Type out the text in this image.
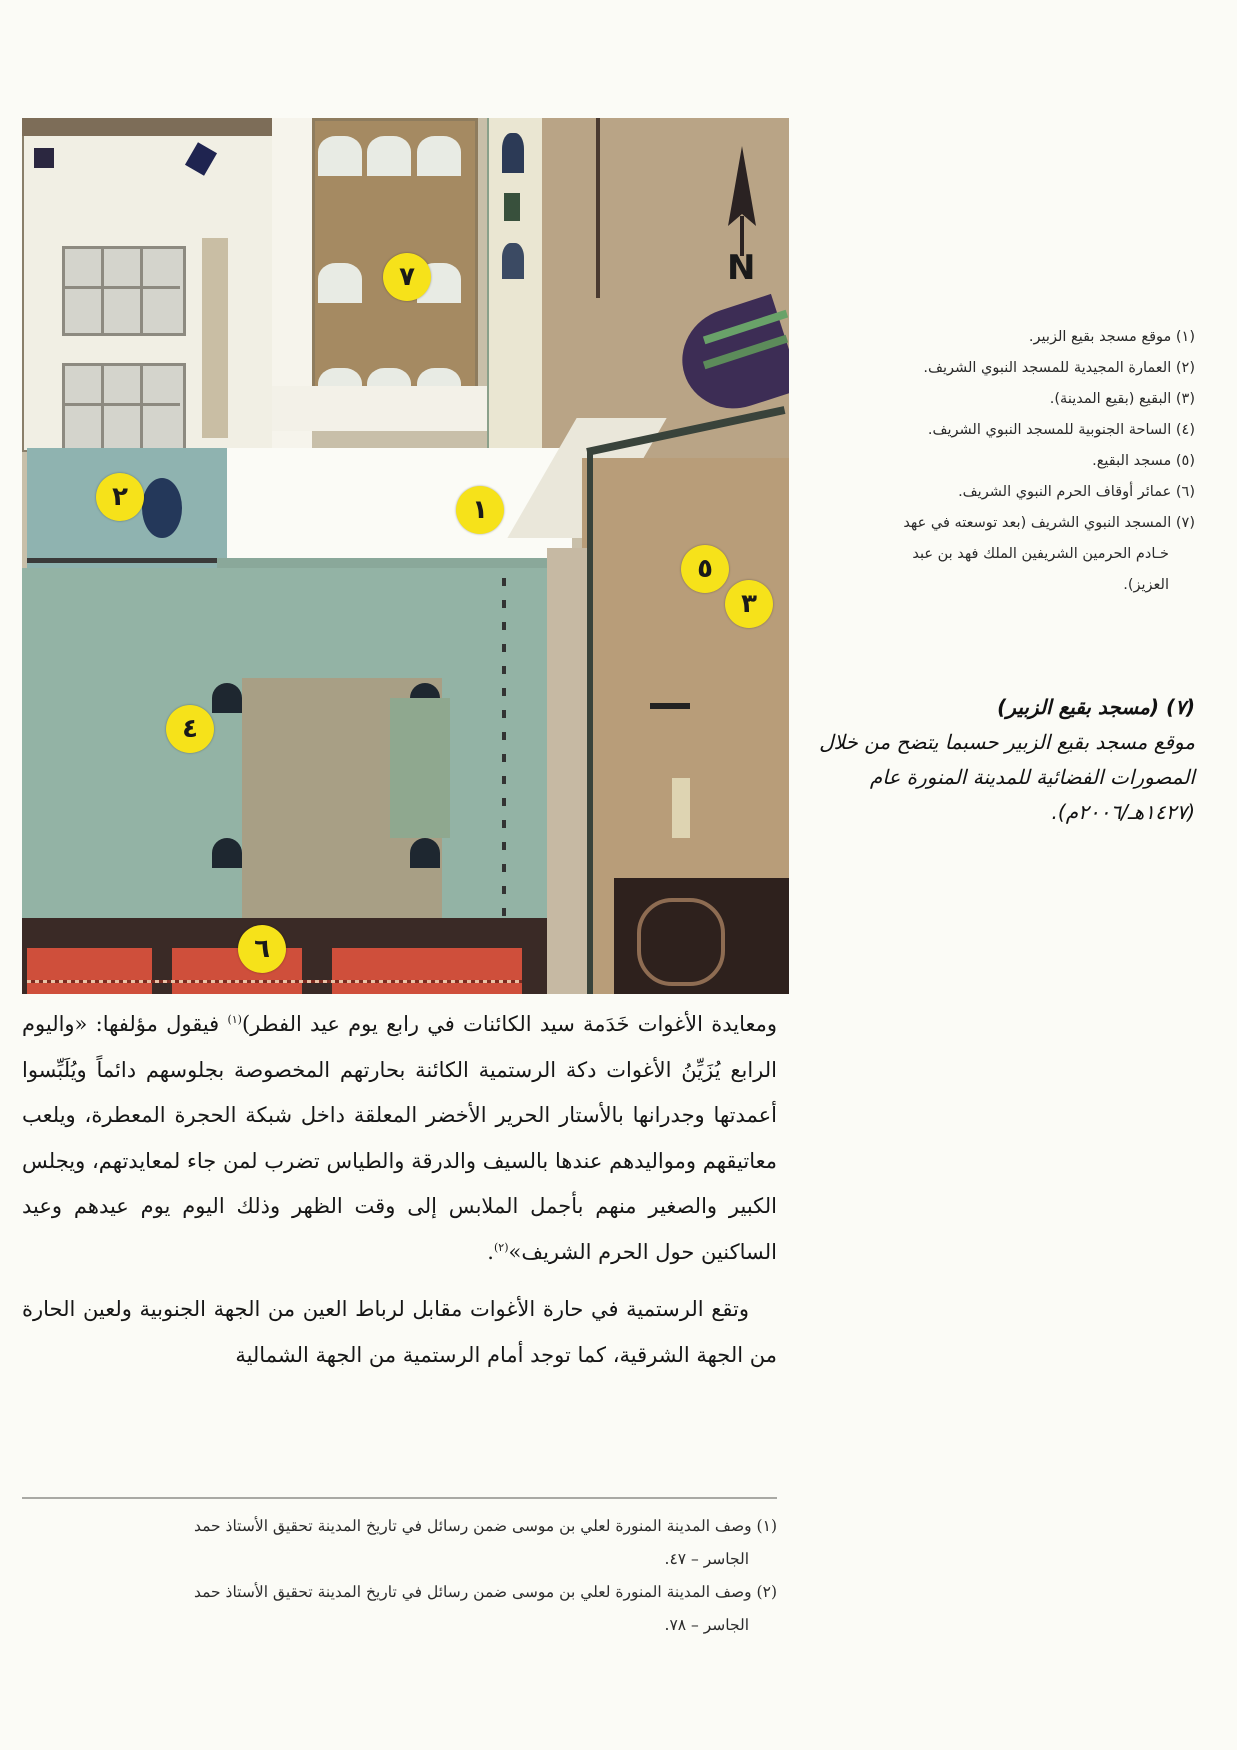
N
١
٢
٣
٤
٥
٦
٧
(١) موقع مسجد بقيع الزبير.
(٢) العمارة المجيدية للمسجد النبوي الشريف.
(٣) البقيع (بقيع المدينة).
(٤) الساحة الجنوبية للمسجد النبوي الشريف.
(٥) مسجد البقيع.
(٦) عمائر أوقاف الحرم النبوي الشريف.
(٧) المسجد النبوي الشريف (بعد توسعته في عهد
خـادم الحرمين الشريفين الملك فهد بن عبد
العزيز).
(٧) (مسجد بقيع الزبير)
موقع مسجد بقيع الزبير حسبما يتضح من خلال المصورات الفضائية للمدينة المنورة عام (١٤٢٧هـ/٢٠٠٦م).

ومعايدة الأغوات خَدَمة سيد الكائنات في رابع يوم عيد الفطر)$^{(١)}$ فيقول مؤلفها: «واليوم الرابع يُزَيِّنُ الأغوات دكة الرستمية الكائنة بحارتهم المخصوصة بجلوسهم دائماً ويُلَبِّسوا أعمدتها وجدرانها بالأستار الحرير الأخضر المعلقة داخل شبكة الحجرة المعطرة، ويلعب معاتيقهم ومواليدهم عندها بالسيف والدرقة والطياس تضرب لمن جاء لمعايدتهم، ويجلس الكبير والصغير منهم بأجمل الملابس إلى وقت الظهر وذلك اليوم يوم عيدهم وعيد الساكنين حول الحرم الشريف»$^{(٢)}$.

وتقع الرستمية في حارة الأغوات مقابل لرباط العين من الجهة الجنوبية ولعين الحارة من الجهة الشرقية، كما توجد أمام الرستمية من الجهة الشمالية

(١) وصف المدينة المنورة لعلي بن موسى ضمن رسائل في تاريخ المدينة تحقيق الأستاذ حمد
الجاسر – ٤٧.
(٢) وصف المدينة المنورة لعلي بن موسى ضمن رسائل في تاريخ المدينة تحقيق الأستاذ حمد
الجاسر – ٧٨.
